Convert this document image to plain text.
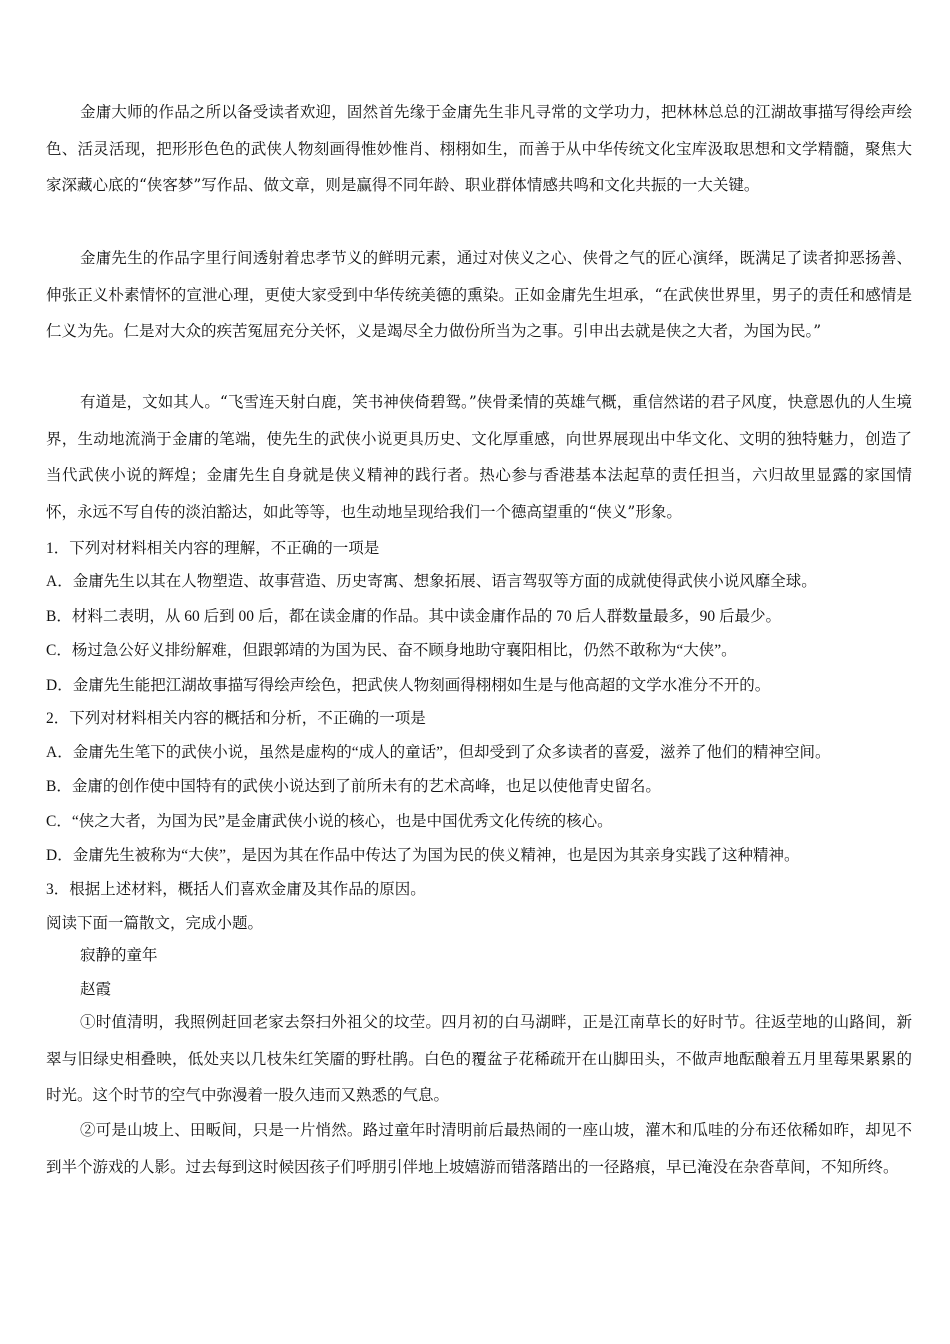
金庸大师的作品之所以备受读者欢迎，固然首先缘于金庸先生非凡寻常的文学功力，把林林总总的江湖故事描写得绘声绘色、活灵活现，把形形色色的武侠人物刻画得惟妙惟肖、栩栩如生，而善于从中华传统文化宝库汲取思想和文学精髓，聚焦大家深藏心底的“侠客梦”写作品、做文章，则是赢得不同年龄、职业群体情感共鸣和文化共振的一大关键。

金庸先生的作品字里行间透射着忠孝节义的鲜明元素，通过对侠义之心、侠骨之气的匠心演绎，既满足了读者抑恶扬善、伸张正义朴素情怀的宣泄心理，更使大家受到中华传统美德的熏染。正如金庸先生坦承，“在武侠世界里，男子的责任和感情是仁义为先。仁是对大众的疾苦冤屈充分关怀，义是竭尽全力做份所当为之事。引申出去就是侠之大者，为国为民。”

有道是，文如其人。“飞雪连天射白鹿，笑书神侠倚碧鸳。”侠骨柔情的英雄气概，重信然诺的君子风度，快意恩仇的人生境界，生动地流淌于金庸的笔端，使先生的武侠小说更具历史、文化厚重感，向世界展现出中华文化、文明的独特魅力，创造了当代武侠小说的辉煌；金庸先生自身就是侠义精神的践行者。热心参与香港基本法起草的责任担当，六归故里显露的家国情怀，永远不写自传的淡泊豁达，如此等等，也生动地呈现给我们一个德高望重的“侠义”形象。

1．下列对材料相关内容的理解，不正确的一项是

A．金庸先生以其在人物塑造、故事营造、历史寄寓、想象拓展、语言驾驭等方面的成就使得武侠小说风靡全球。

B．材料二表明，从 60 后到 00 后，都在读金庸的作品。其中读金庸作品的 70 后人群数量最多，90 后最少。

C．杨过急公好义排纷解难，但跟郭靖的为国为民、奋不顾身地助守襄阳相比，仍然不敢称为“大侠”。

D．金庸先生能把江湖故事描写得绘声绘色，把武侠人物刻画得栩栩如生是与他高超的文学水准分不开的。

2．下列对材料相关内容的概括和分析，不正确的一项是

A．金庸先生笔下的武侠小说，虽然是虚构的“成人的童话”，但却受到了众多读者的喜爱，滋养了他们的精神空间。

B．金庸的创作使中国特有的武侠小说达到了前所未有的艺术高峰，也足以使他青史留名。

C．“侠之大者，为国为民”是金庸武侠小说的核心，也是中国优秀文化传统的核心。

D．金庸先生被称为“大侠”，是因为其在作品中传达了为国为民的侠义精神，也是因为其亲身实践了这种精神。

3．根据上述材料，概括人们喜欢金庸及其作品的原因。

阅读下面一篇散文，完成小题。

寂静的童年

赵霞

①时值清明，我照例赶回老家去祭扫外祖父的坟茔。四月初的白马湖畔，正是江南草长的好时节。往返茔地的山路间，新翠与旧绿史相叠映，低处夹以几枝朱红笑靥的野杜鹃。白色的覆盆子花稀疏开在山脚田头，不做声地酝酿着五月里莓果累累的时光。这个时节的空气中弥漫着一股久违而又熟悉的气息。

②可是山坡上、田畈间，只是一片悄然。路过童年时清明前后最热闹的一座山坡，灌木和瓜哇的分布还依稀如昨，却见不到半个游戏的人影。过去每到这时候因孩子们呼朋引伴地上坡嬉游而错落踏出的一径路痕，早已淹没在杂沓草间，不知所终。
